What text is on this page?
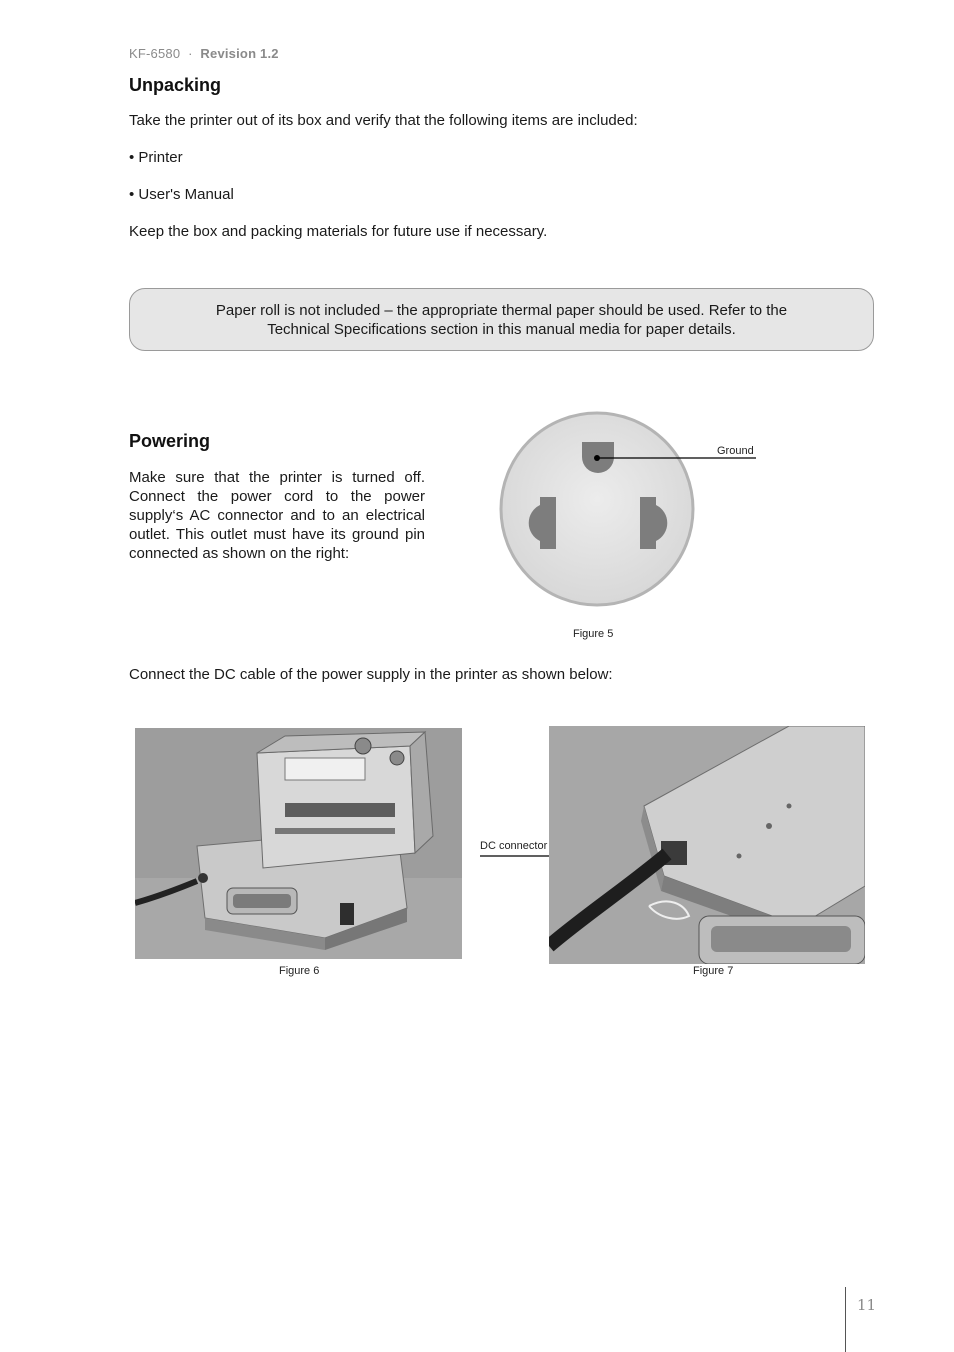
KF-6580 · Revision 1.2
Unpacking
Take the printer out of its box and verify that the following items are included:
• Printer
• User's Manual
Keep the box and packing materials for future use if necessary.
Paper roll is not included – the appropriate thermal paper should be used. Refer to the
Technical Specifications section in this manual media for paper details.
Powering
Make sure that the printer is turned off. Connect the power cord to the power supply‘s AC connector and to an electrical outlet. This outlet must have its ground pin connected as shown on the right:
Ground
Figure 5
Connect the DC cable of the power supply in the printer as shown below:
Figure 6
DC connector
Figure 7
11
